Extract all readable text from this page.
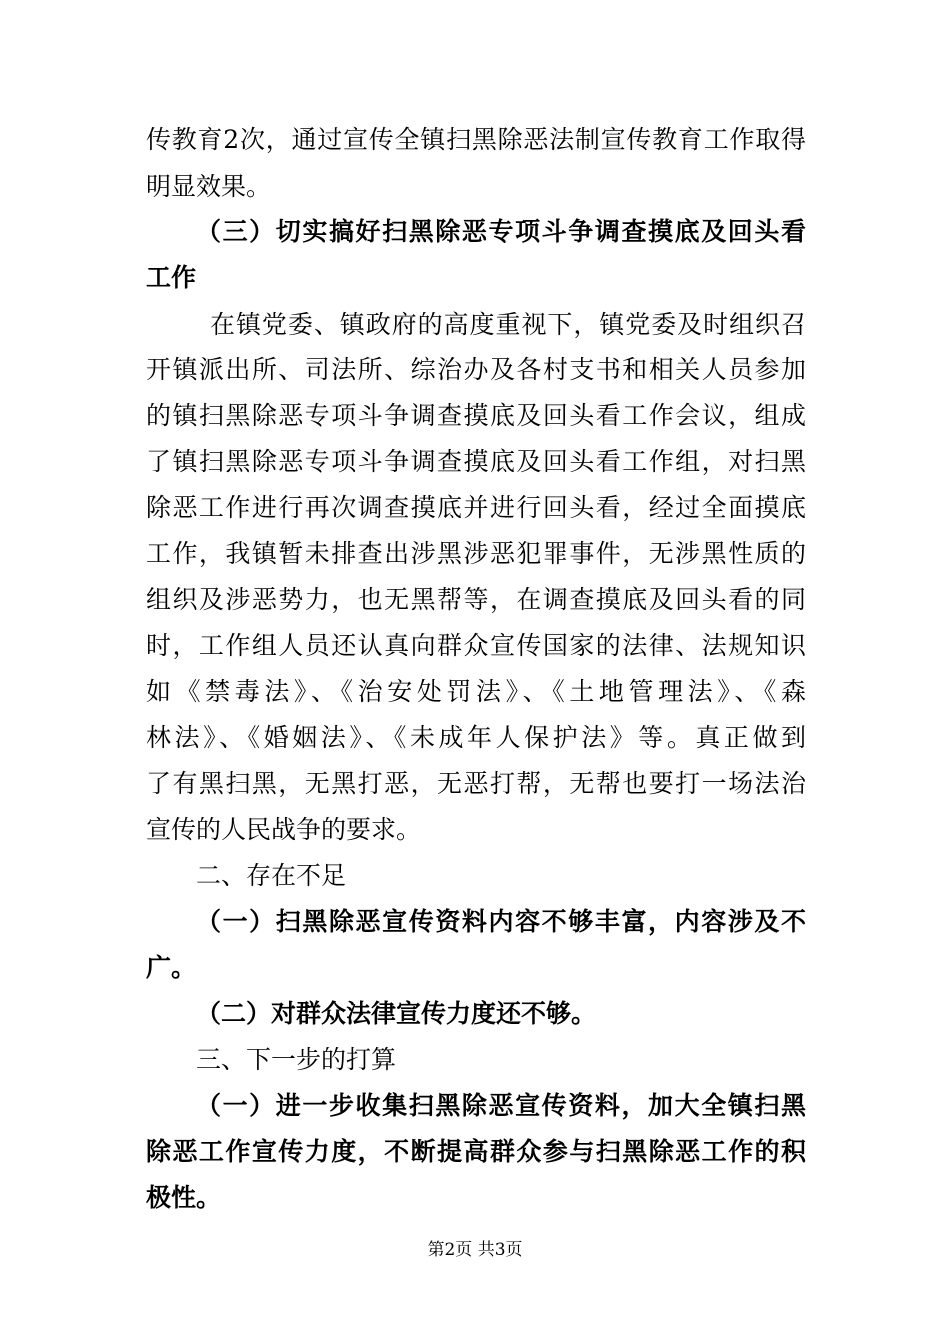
传教育2次，通过宣传全镇扫黑除恶法制宣传教育工作取得
明显效果。
（三）切实搞好扫黑除恶专项斗争调查摸底及回头看
工作
在镇党委、镇政府的高度重视下，镇党委及时组织召
开镇派出所、司法所、综治办及各村支书和相关人员参加
的镇扫黑除恶专项斗争调查摸底及回头看工作会议，组成
了镇扫黑除恶专项斗争调查摸底及回头看工作组，对扫黑
除恶工作进行再次调查摸底并进行回头看，经过全面摸底
工作，我镇暂未排查出涉黑涉恶犯罪事件，无涉黑性质的
组织及涉恶势力，也无黑帮等，在调查摸底及回头看的同
时，工作组人员还认真向群众宣传国家的法律、法规知识
如《禁毒法》、《治安处罚法》、《土地管理法》、《森
林法》、《婚姻法》、《未成年人保护法》等。真正做到
了有黑扫黑，无黑打恶，无恶打帮，无帮也要打一场法治
宣传的人民战争的要求。
二、存在不足
（一）扫黑除恶宣传资料内容不够丰富，内容涉及不
广。
（二）对群众法律宣传力度还不够。
三、下一步的打算
（一）进一步收集扫黑除恶宣传资料，加大全镇扫黑
除恶工作宣传力度，不断提高群众参与扫黑除恶工作的积
极性。
第2页 共3页
